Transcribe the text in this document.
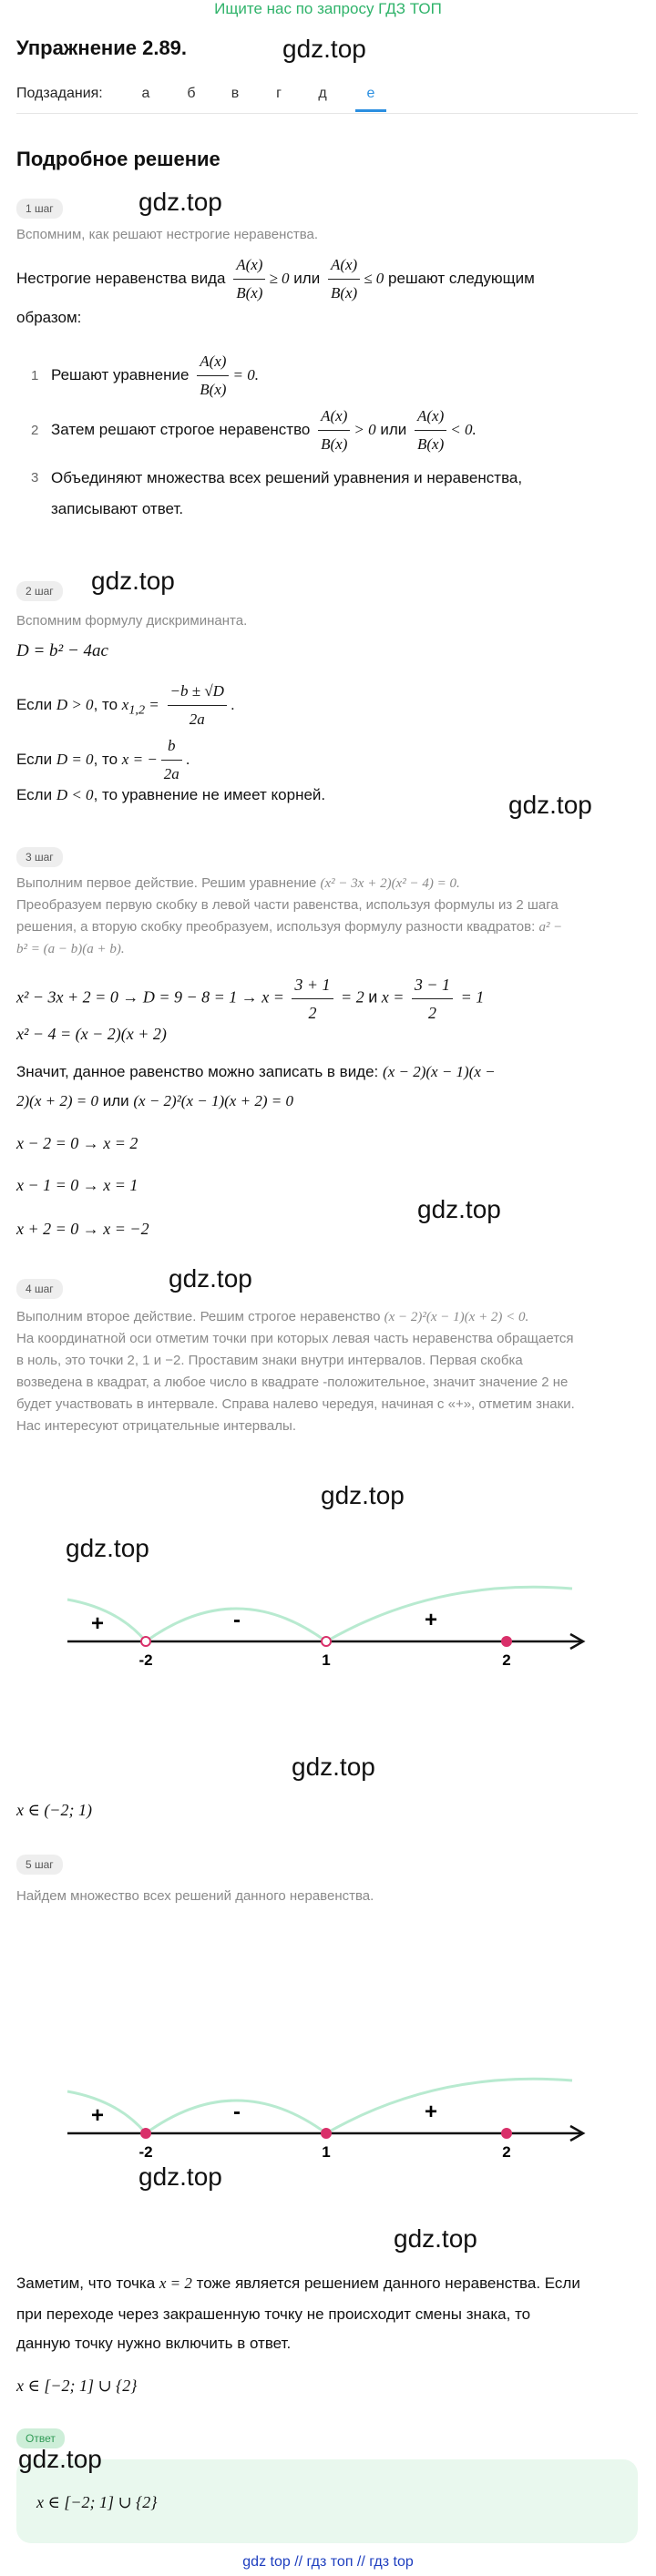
Ищите нас по запросу ГДЗ ТОП
Упражнение 2.89.	gdz.top
Подзадания:	а	б	в	г	д	е
Подробное решение
1 шаг	gdz.top
Вспомним, как решают нестрогие неравенства.
Нестрогие неравенства вида $\frac{A(x)}{B(x)} \ge 0$ или $\frac{A(x)}{B(x)} \le 0$ решают следующим
образом:
1 Решают уравнение $\frac{A(x)}{B(x)} = 0$.
2 Затем решают строгое неравенство $\frac{A(x)}{B(x)} > 0$ или $\frac{A(x)}{B(x)} < 0$.
3 Объединяют множества всех решений уравнения и неравенства,
записывают ответ.
2 шаг	gdz.top
Вспомним формулу дискриминанта.
D = b² − 4ac
Если D > 0, то $x_{1,2} = \frac{-b \pm √D}{2a}$ .
Если D = 0, то x = − $\frac{b}{2a}$ .
Если D < 0, то уравнение не имеет корней.	gdz.top
3 шаг
Выполним первое действие. Решим уравнение (x² − 3x + 2)(x² − 4) = 0.
Преобразуем первую скобку в левой части равенства, используя формулы из 2 шага
решения, а вторую скобку преобразуем, используя формулу разности квадратов: a² −
b² = (a − b)(a + b).
$x^2 - 3x + 2 = 0 \to D = 9 - 8 = 1 \to x = \frac{3 + 1}{2} = 2$ и $x = \frac{3 - 1}{2} = 1$
x² − 4 = (x − 2)(x + 2)
Значит, данное равенство можно записать в виде: (x − 2)(x − 1)(x −
2)(x + 2) = 0 или (x − 2)²(x − 1)(x + 2) = 0
x − 2 = 0 → x = 2
x − 1 = 0 → x = 1
x + 2 = 0 → x = −2
gdz.top
4 шаг	gdz.top
Выполним второе действие. Решим строгое неравенство (x − 2)²(x − 1)(x + 2) < 0.
На координатной оси отметим точки при которых левая часть неравенства обращается
в ноль, это точки 2, 1 и −2. Проставим знаки внутри интервалов. Первая скобка
возведена в квадрат, а любое число в квадрате -положительное, значит значение 2 не
будет участвовать в интервале. Справа налево чередуя, начиная с «+», отметим знаки.
Нас интересуют отрицательные интервалы.
gdz.top
gdz.top
+	-	+
-2	1	2
gdz.top
x ∈ (−2; 1)
5 шаг
Найдем множество всех решений данного неравенства.
+	-	+
-2	1	2
gdz.top
gdz.top
Заметим, что точка x = 2 тоже является решением данного неравенства. Если
при переходе через закрашенную точку не происходит смены знака, то
данную точку нужно включить в ответ.
x ∈ [−2; 1] ∪ {2}
Ответ
gdz.top
x ∈ [−2; 1] ∪ {2}
gdz top // гдз топ // гдз top
